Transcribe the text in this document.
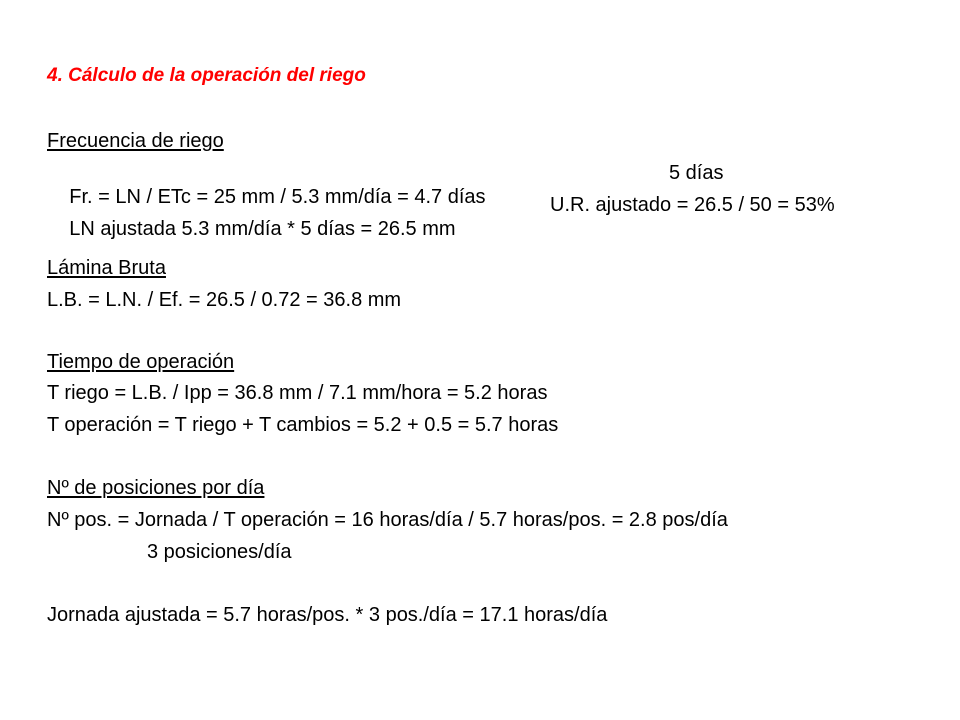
4. Cálculo de la operación del riego
Frecuencia de riego

Fr. = LN / ETc = 25 mm / 5.3 mm/día = 4.7 días

5 días

LN ajustada 5.3 mm/día * 5 días = 26.5 mm

U.R. ajustado = 26.5 / 50 = 53%

Lámina Bruta
L.B. = L.N. / Ef. = 26.5 / 0.72 = 36.8 mm
Tiempo de operación
T riego = L.B. / Ipp = 36.8 mm / 7.1 mm/hora = 5.2 horas
T operación = T riego + T cambios = 5.2 + 0.5 = 5.7 horas
Nº de posiciones por día
Nº pos. = Jornada / T operación = 16 horas/día / 5.7 horas/pos. = 2.8 pos/día
3 posiciones/día
Jornada ajustada = 5.7 horas/pos. * 3 pos./día = 17.1 horas/día
